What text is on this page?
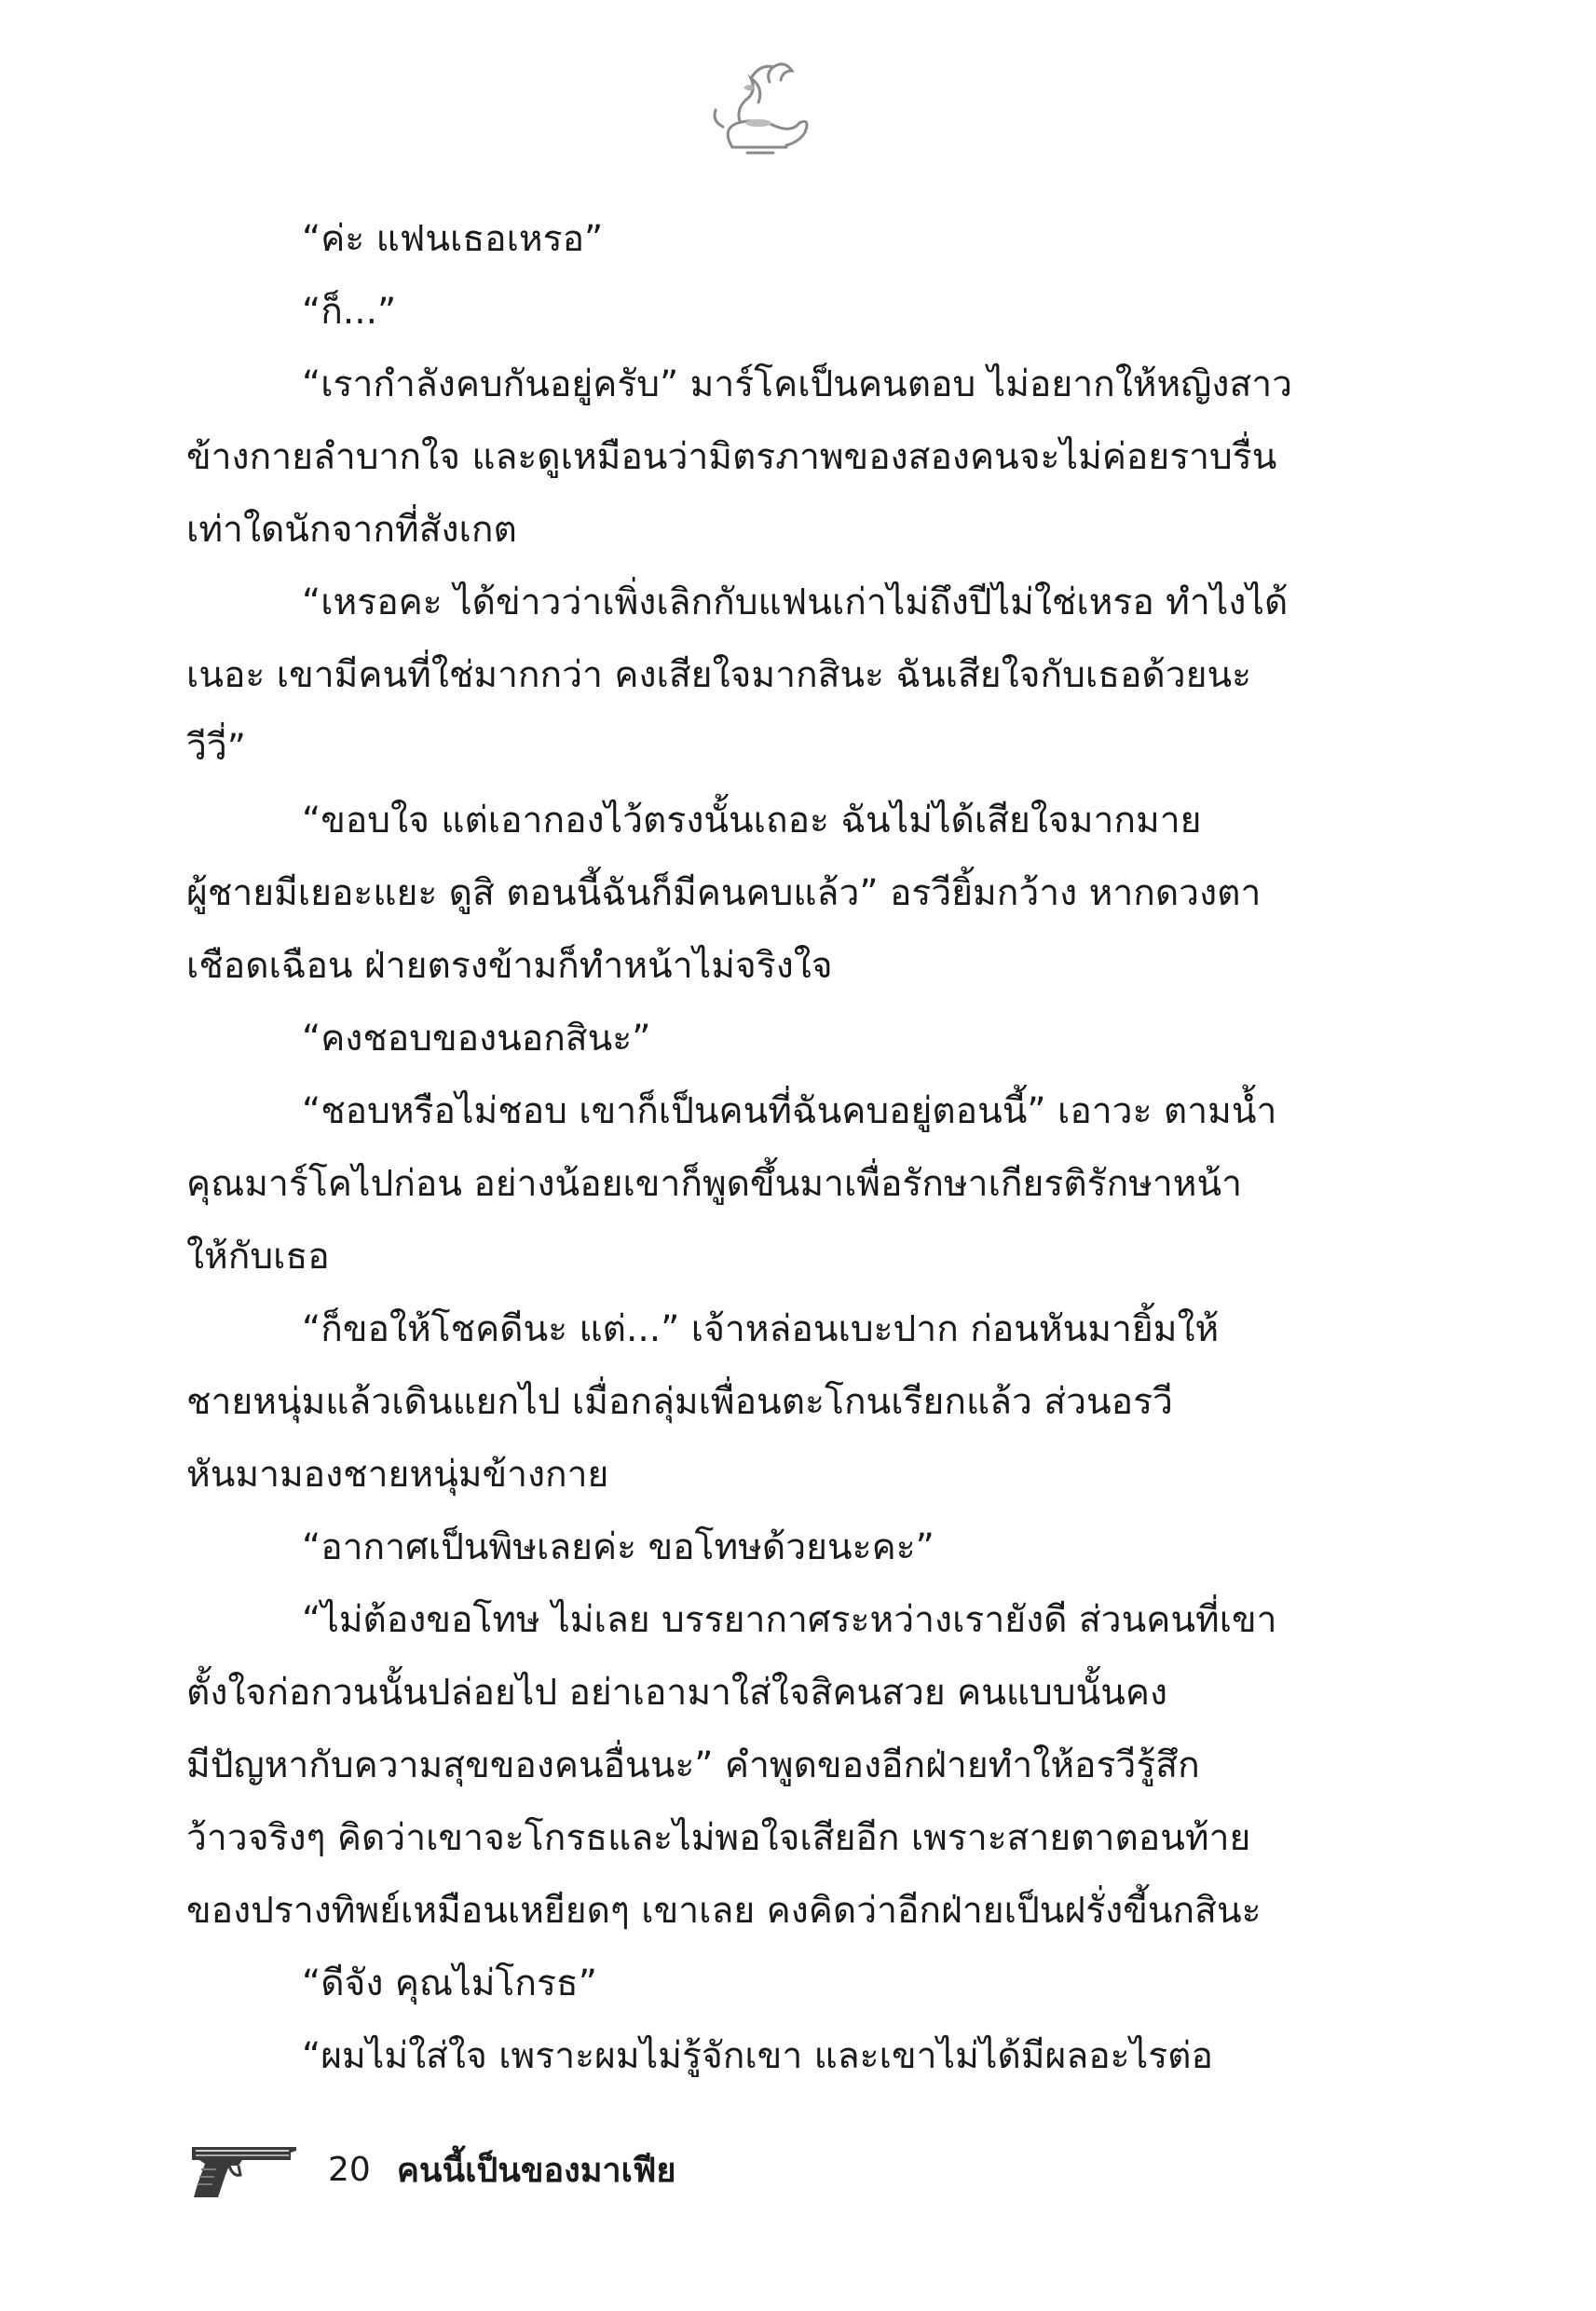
“ค่ะ แฟนเธอเหรอ”
“ก็...”
“เรากำลังคบกันอยู่ครับ” มาร์โคเป็นคนตอบ ไม่อยากให้หญิงสาว
ข้างกายลำบากใจ และดูเหมือนว่ามิตรภาพของสองคนจะไม่ค่อยราบรื่น
เท่าใดนักจากที่สังเกต
“เหรอคะ ได้ข่าวว่าเพิ่งเลิกกับแฟนเก่าไม่ถึงปีไม่ใช่เหรอ ทำไงได้
เนอะ เขามีคนที่ใช่มากกว่า คงเสียใจมากสินะ ฉันเสียใจกับเธอด้วยนะ
วีวี่”
“ขอบใจ แต่เอากองไว้ตรงนั้นเถอะ ฉันไม่ได้เสียใจมากมาย
ผู้ชายมีเยอะแยะ ดูสิ ตอนนี้ฉันก็มีคนคบแล้ว” อรวียิ้มกว้าง หากดวงตา
เชือดเฉือน ฝ่ายตรงข้ามก็ทำหน้าไม่จริงใจ
“คงชอบของนอกสินะ”
“ชอบหรือไม่ชอบ เขาก็เป็นคนที่ฉันคบอยู่ตอนนี้” เอาวะ ตามน้ำ
คุณมาร์โคไปก่อน อย่างน้อยเขาก็พูดขึ้นมาเพื่อรักษาเกียรติรักษาหน้า
ให้กับเธอ
“ก็ขอให้โชคดีนะ แต่...” เจ้าหล่อนเบะปาก ก่อนหันมายิ้มให้
ชายหนุ่มแล้วเดินแยกไป เมื่อกลุ่มเพื่อนตะโกนเรียกแล้ว ส่วนอรวี
หันมามองชายหนุ่มข้างกาย
“อากาศเป็นพิษเลยค่ะ ขอโทษด้วยนะคะ”
“ไม่ต้องขอโทษ ไม่เลย บรรยากาศระหว่างเรายังดี ส่วนคนที่เขา
ตั้งใจก่อกวนนั้นปล่อยไป อย่าเอามาใส่ใจสิคนสวย คนแบบนั้นคง
มีปัญหากับความสุขของคนอื่นนะ” คำพูดของอีกฝ่ายทำให้อรวีรู้สึก
ว้าวจริงๆ คิดว่าเขาจะโกรธและไม่พอใจเสียอีก เพราะสายตาตอนท้าย
ของปรางทิพย์เหมือนเหยียดๆ เขาเลย คงคิดว่าอีกฝ่ายเป็นฝรั่งขี้นกสินะ
“ดีจัง คุณไม่โกรธ”
“ผมไม่ใส่ใจ เพราะผมไม่รู้จักเขา และเขาไม่ได้มีผลอะไรต่อ
20 คนนี้เป็นของมาเฟีย
